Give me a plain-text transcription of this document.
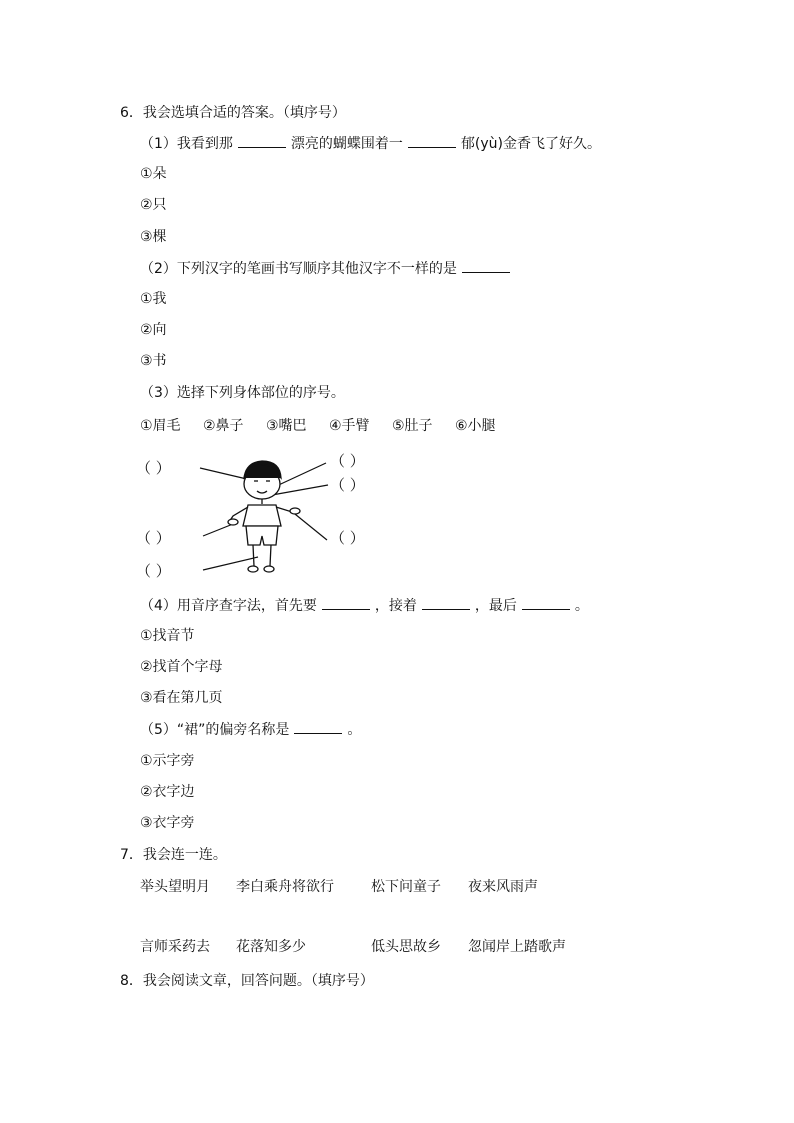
6．我会选填合适的答案。（填序号）
（1）我看到那	漂亮的蝴蝶围着一	郁(yù)金香飞了好久。
①朵
②只
③棵
（2）下列汉字的笔画书写顺序其他汉字不一样的是
①我
②向
③书
（3）选择下列身体部位的序号。
①眉毛 ②鼻子 ③嘴巴 ④手臂 ⑤肚子 ⑥小腿
（ ）	（ ）
（ ）
（ ）	（ ）
（ ）
（4）用音序查字法，首先要	，接着	，最后	。
①找音节
②找首个字母
③看在第几页
（5）“裙”的偏旁名称是	。
①示字旁
②衣字边
③衣字旁
7．我会连一连。
举头望明月 李白乘舟将欲行	松下问童子 夜来风雨声
言师采药去 花落知多少	低头思故乡 忽闻岸上踏歌声
8．我会阅读文章，回答问题。（填序号）
